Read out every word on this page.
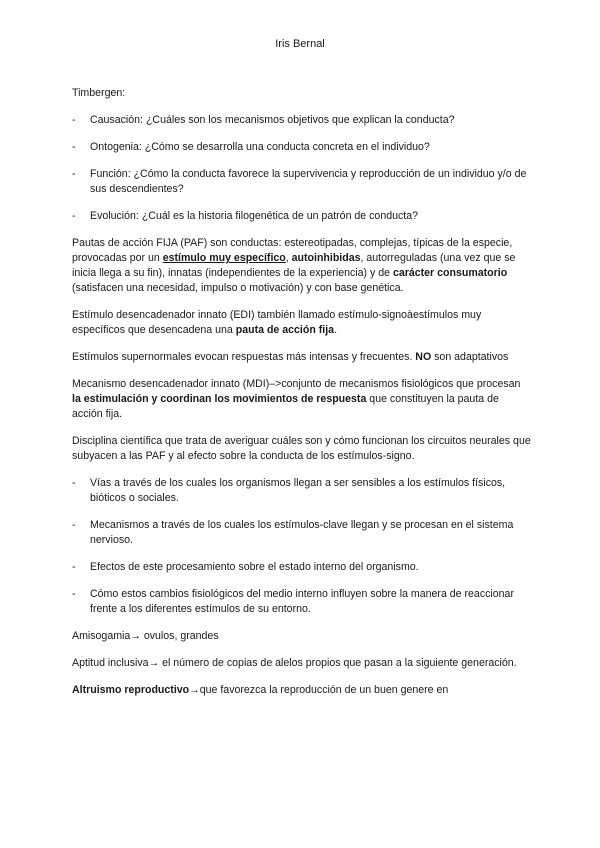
Iris Bernal

Timbergen:

- Causación: ¿Cuáles son los mecanismos objetivos que explican la conducta?
- Ontogenia: ¿Cómo se desarrolla una conducta concreta en el individuo?
- Función: ¿Cómo la conducta favorece la supervivencia y reproducción de un individuo y/o de sus descendientes?
- Evolución: ¿Cuál es la historia filogenética de un patrón de conducta?

Pautas de acción FIJA (PAF) son conductas: estereotipadas, complejas, típicas de la especie, provocadas por un estímulo muy específico, autoinhibidas, autorreguladas (una vez que se inicia llega a su fin), innatas (independientes de la experiencia) y de carácter consumatorio (satisfacen una necesidad, impulso o motivación) y con base genética.

Estímulo desencadenador innato (EDI) también llamado estímulo-signoàestímulos muy específicos que desencadena una pauta de acción fija.

Estímulos supernormales evocan respuestas más intensas y frecuentes. NO son adaptativos

Mecanismo desencadenador innato (MDI)–>conjunto de mecanismos fisiológicos que procesan la estimulación y coordinan los movimientos de respuesta que constituyen la pauta de acción fija.

Disciplina científica que trata de averiguar cuáles son y cómo funcionan los circuitos neurales que subyacen a las PAF y al efecto sobre la conducta de los estímulos-signo.

- Vías a través de los cuales los organismos llegan a ser sensibles a los estímulos físicos, bióticos o sociales.
- Mecanismos a través de los cuales los estímulos-clave llegan y se procesan en el sistema nervioso.
- Efectos de este procesamiento sobre el estado interno del organismo.
- Cómo estos cambios fisiológicos del medio interno influyen sobre la manera de reaccionar frente a los diferentes estímulos de su entorno.

Amisogamia→ ovulos, grandes

Aptitud inclusiva→ el número de copias de alelos propios que pasan a la siguiente generación.

Altruismo reproductivo→que favorezca la reproducción de un buen genere en
